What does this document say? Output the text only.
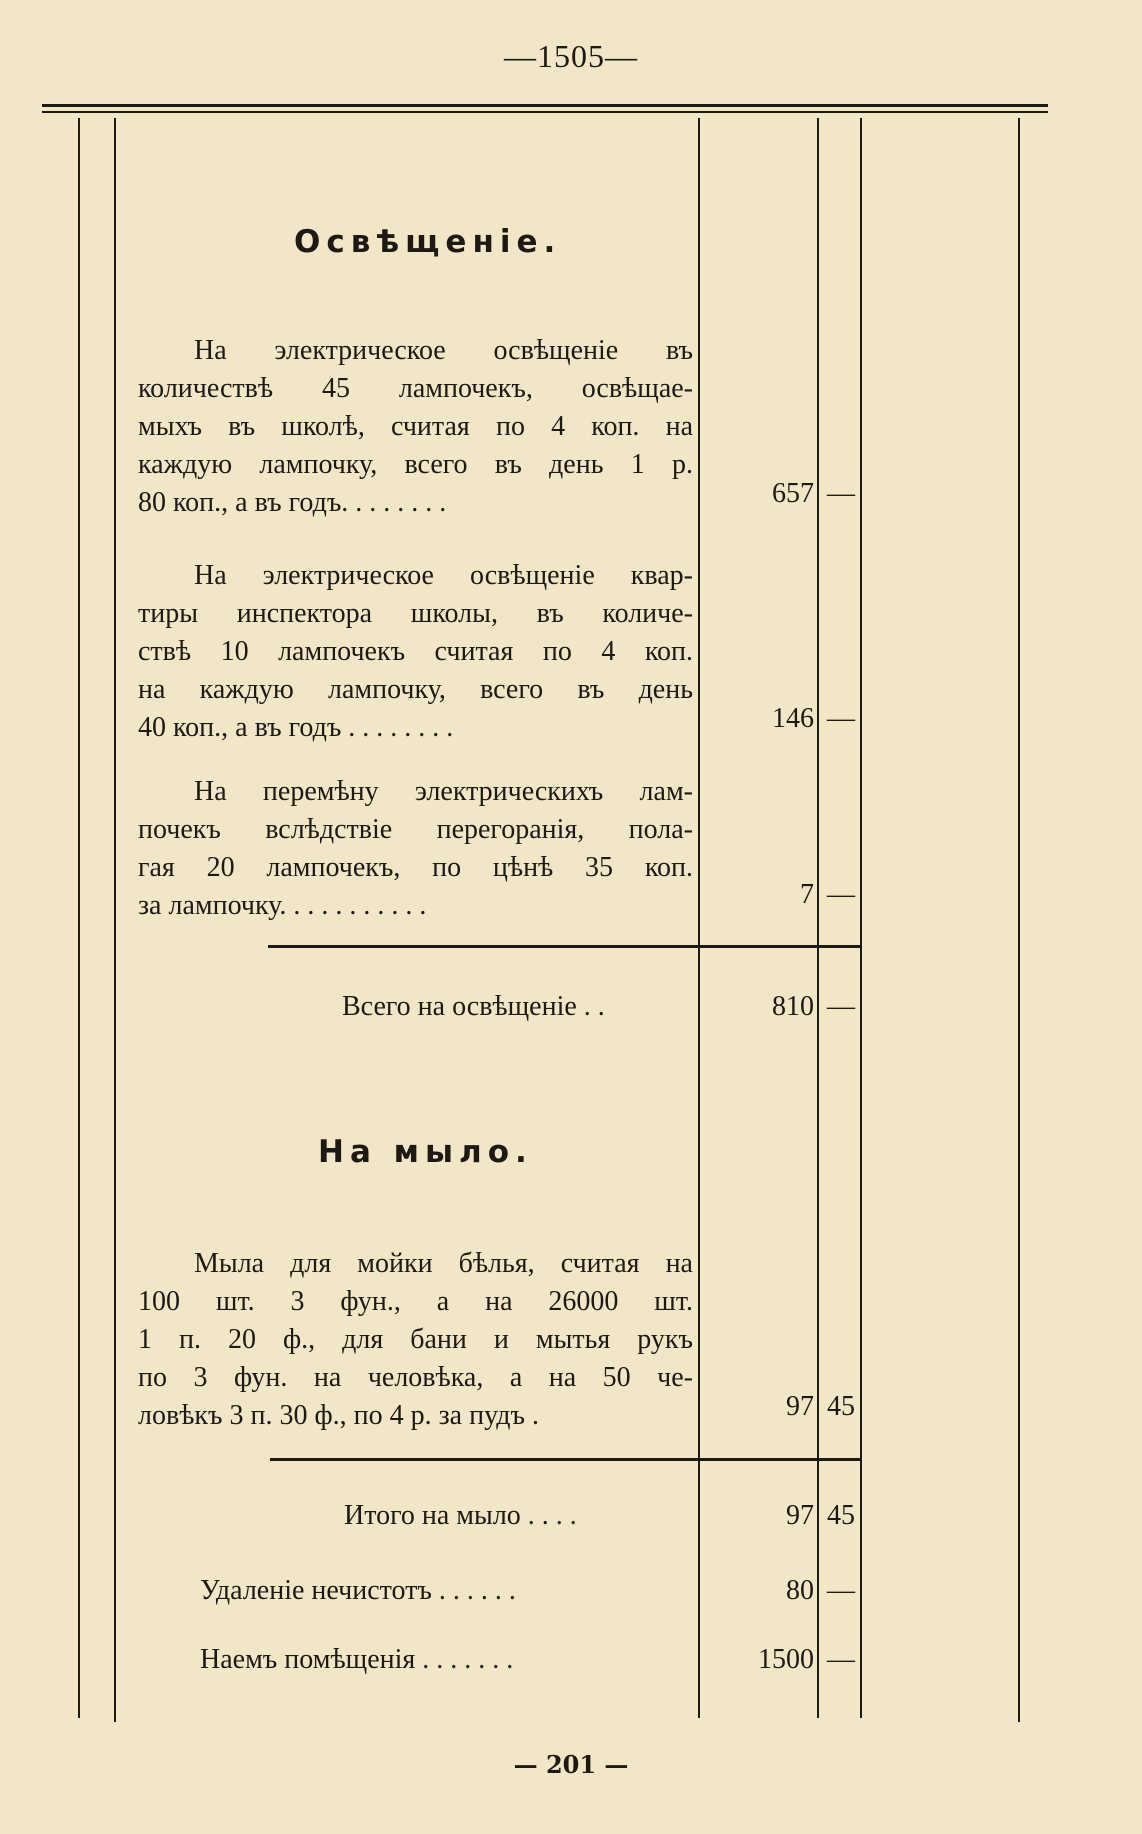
—1505—
Освѣщеніе.
На электрическое освѣщеніе въ
количествѣ 45 лампочекъ, освѣщае-
мыхъ въ школѣ, считая по 4 коп. на
каждую лампочку, всего въ день 1 р.
80 коп., а въ годъ. . . . . . . .	657 —
На электрическое освѣщеніе квар-
тиры инспектора школы, въ количе-
ствѣ 10 лампочекъ считая по 4 коп.
на каждую лампочку, всего въ день
40 коп., а въ годъ . . . . . . . .	146 —
На перемѣну электрическихъ лам-
почекъ вслѣдствіе перегоранія, пола-
гая 20 лампочекъ, по цѣнѣ 35 коп.
за лампочку. . . . . . . . . . .	7 —
Всего на освѣщеніе . .	810 —
На мыло.
Мыла для мойки бѣлья, считая на
100 шт. 3 фун., а на 26000 шт.
1 п. 20 ф., для бани и мытья рукъ
по 3 фун. на человѣка, а на 50 че-
ловѣкъ 3 п. 30 ф., по 4 р. за пудъ .	97 45
Итого на мыло . . . .	97 45
Удаленіе нечистотъ . . . . . .	80 —
Наемъ помѣщенія . . . . . . .	1500 —
— 201 —
